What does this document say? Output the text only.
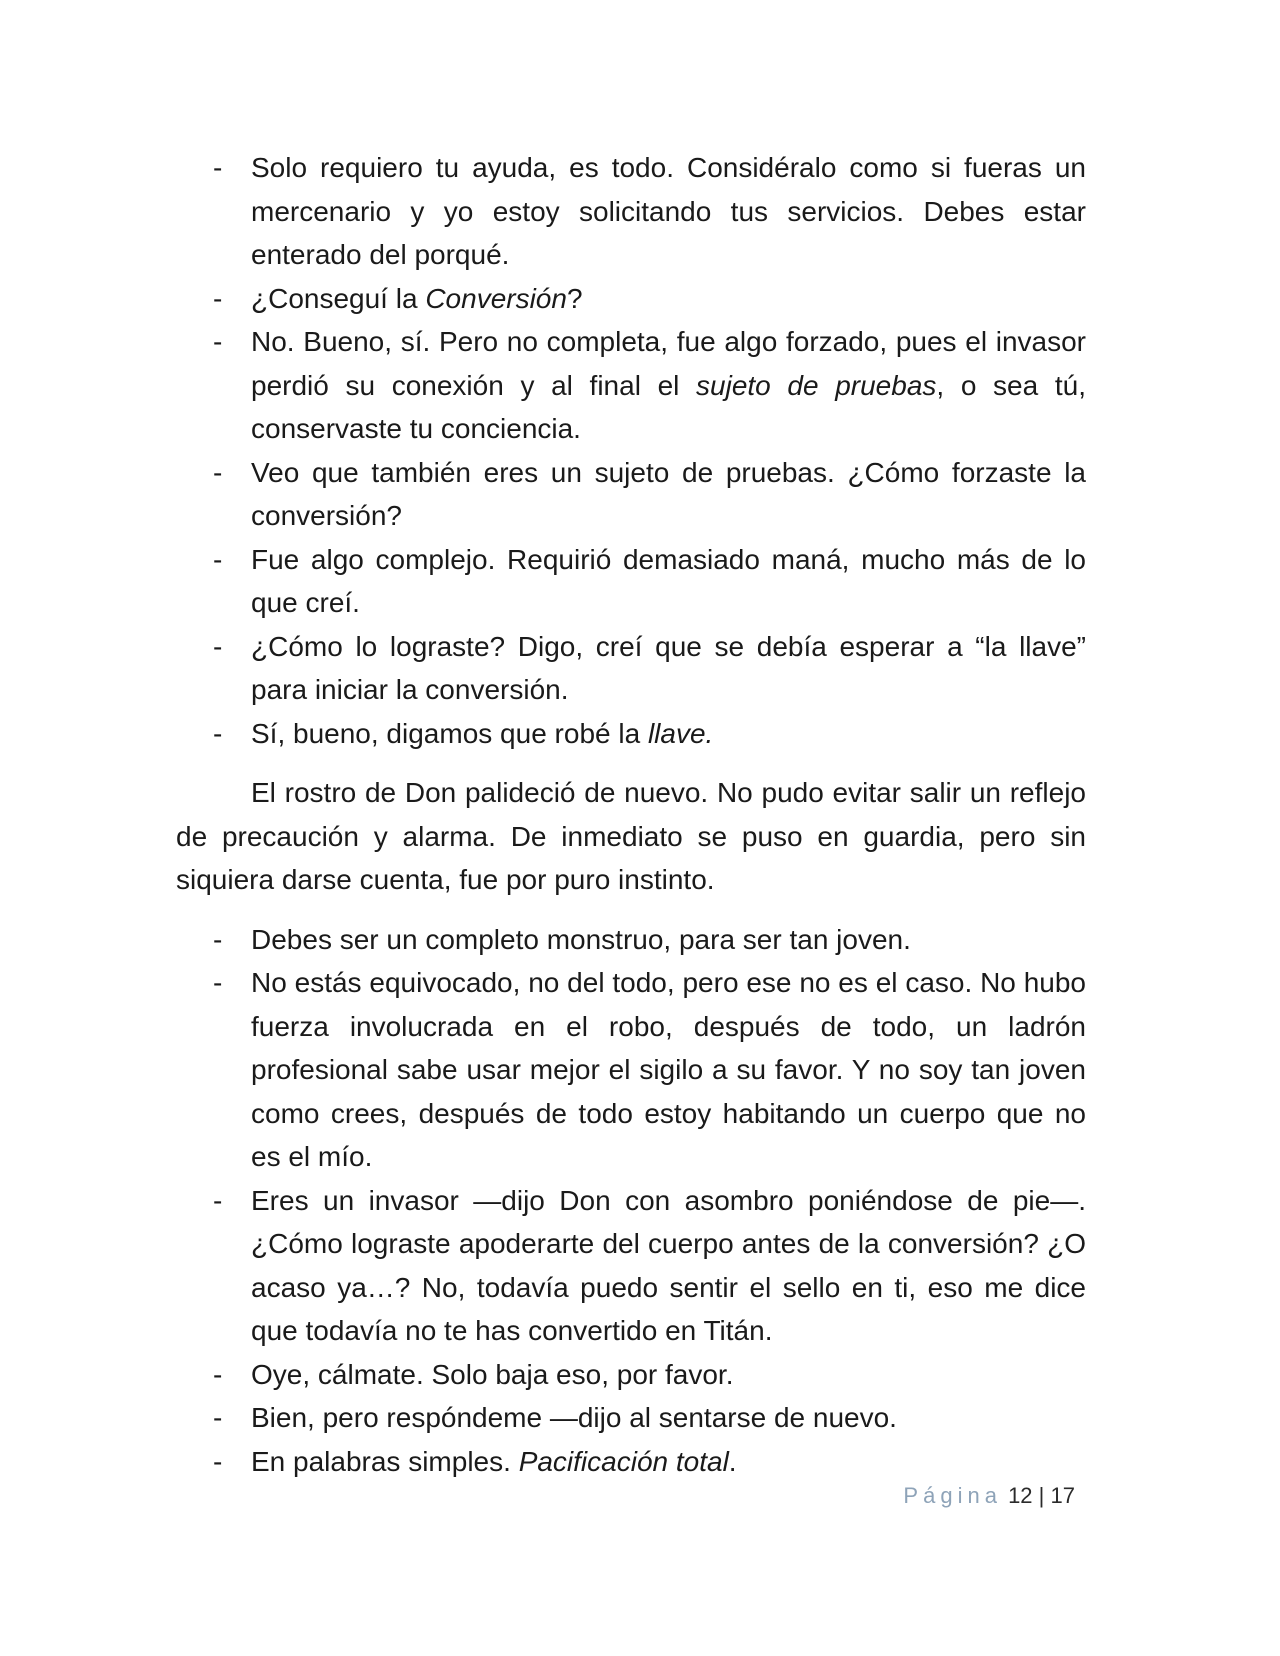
- Solo requiero tu ayuda, es todo. Considéralo como si fueras un mercenario y yo estoy solicitando tus servicios. Debes estar enterado del porqué.
- ¿Conseguí la Conversión?
- No. Bueno, sí. Pero no completa, fue algo forzado, pues el invasor perdió su conexión y al final el sujeto de pruebas, o sea tú, conservaste tu conciencia.
- Veo que también eres un sujeto de pruebas. ¿Cómo forzaste la conversión?
- Fue algo complejo. Requirió demasiado maná, mucho más de lo que creí.
- ¿Cómo lo lograste? Digo, creí que se debía esperar a “la llave” para iniciar la conversión.
- Sí, bueno, digamos que robé la llave.

El rostro de Don palideció de nuevo. No pudo evitar salir un reflejo de precaución y alarma. De inmediato se puso en guardia, pero sin siquiera darse cuenta, fue por puro instinto.

- Debes ser un completo monstruo, para ser tan joven.
- No estás equivocado, no del todo, pero ese no es el caso. No hubo fuerza involucrada en el robo, después de todo, un ladrón profesional sabe usar mejor el sigilo a su favor. Y no soy tan joven como crees, después de todo estoy habitando un cuerpo que no es el mío.
- Eres un invasor —dijo Don con asombro poniéndose de pie—. ¿Cómo lograste apoderarte del cuerpo antes de la conversión? ¿O acaso ya…? No, todavía puedo sentir el sello en ti, eso me dice que todavía no te has convertido en Titán.
- Oye, cálmate. Solo baja eso, por favor.
- Bien, pero respóndeme —dijo al sentarse de nuevo.
- En palabras simples. Pacificación total.
Página 12 | 17
